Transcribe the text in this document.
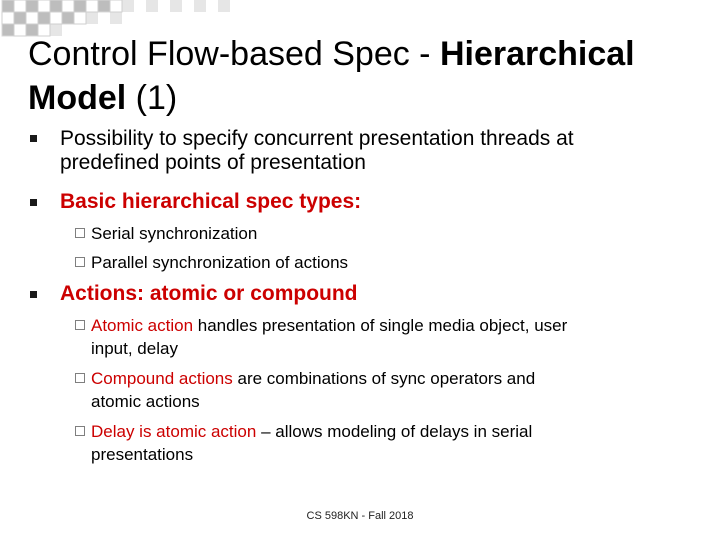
Control Flow-based Spec - Hierarchical
Model (1)
Possibility to specify concurrent presentation threads at
predefined points of presentation
Basic hierarchical spec types:
Serial synchronization
Parallel synchronization of actions
Actions: atomic or compound
Atomic action handles presentation of single media object, user
input, delay
Compound actions are combinations of sync operators and
atomic actions
Delay is atomic action – allows modeling of delays in serial
presentations
CS 598KN - Fall 2018
